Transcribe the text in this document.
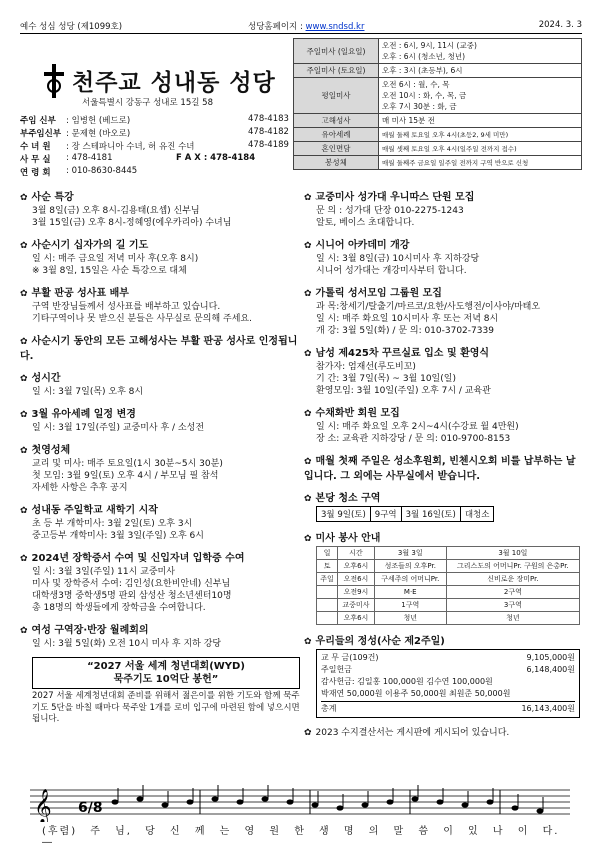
예수 성심 성당 (제1099호)	성당홈페이지 : www.sndsd.kr	2024. 3. 3
천주교 성내동 성당
서울특별시 강동구 성내로 15길 58
주임 신부 : 임병헌 (베드로)	478-4183
부주임신부 : 문제현 (바오로)	478-4182
수 녀 원 : 장 스테파니아 수녀, 허 유진 수녀	478-4189
사 무 실 : 478-4181	F A X : 478-4184
연 령 회 : 010-8630-8445
주일미사 (일요일)	오전 : 6시, 9시, 11시 (교중)
오후 : 6시 (청소년, 청년)

주일미사 (토요일)	오후 : 3시 (초등부), 6시

평일미사	오전 6시 : 월, 수, 목
오전 10시 : 화, 수, 목, 금
오후 7시 30분 : 화, 금

고해성사	매 미사 15분 전

유아세례	매월 둘째 토요일 오후 4시(초등2, 9세 미만)

혼인면담	매월 셋째 토요일 오후 4시(일주일 전까지 접수)

봉성체	매월 둘째주 금요일 일주일 전까지 구역 반으로 신청
✿ 사순 특강

3월 8일(금) 오후 8시-김용태(요셉) 신부님

3월 15일(금) 오후 8시-정혜영(에우카리아) 수녀님

✿ 사순시기 십자가의 길 기도

일 시: 매주 금요일 저녁 미사 후(오후 8시)

※ 3월 8일, 15일은 사순 특강으로 대체

✿ 부활 판공 성사표 배부

구역 반장님들께서 성사표를 배부하고 있습니다.

기타구역이나 못 받으신 분들은 사무실로 문의해 주세요.

✿ 사순시기 동안의 모든 고해성사는 부활 판공 성사로 인정됩니다.
✿ 성시간

일 시: 3월 7일(목) 오후 8시

✿ 3월 유아세례 일정 변경

일 시: 3월 17일(주일) 교중미사 후 / 소성전

✿ 첫영성체

교리 및 미사: 매주 토요일(1시 30분~5시 30분)

첫 모임: 3월 9일(토) 오후 4시 / 부모님 필 참석

자세한 사항은 추후 공지

✿ 성내동 주일학교 새학기 시작

초 등 부 개학미사: 3월 2일(토) 오후 3시

중고등부 개학미사: 3월 3일(주일) 오후 6시

✿ 2024년 장학증서 수여 및 신입자녀 입학증 수여

일 시: 3월 3일(주일) 11시 교중미사

미사 및 장학증서 수여: 김인성(요한비안네) 신부님

대학생3명 중학생5명 판외 삼성산 청소년센터10명

총 18명의 학생들에게 장학금을 수여합니다.

✿ 여성 구역장·반장 월례회의

일 시: 3월 5일(화) 오전 10시 미사 후 지하 강당

“2027 서울 세계 청년대회(WYD)
묵주기도 10억단 봉헌”
2027 서울 세계청년대회 준비를 위해서 젊은이를 위한 기도와 함께 묵주기도 5단을 바칠 때마다 묵주알 1개를 로비 입구에 마련된 함에 넣으시면 됩니다.
✿ 교중미사 성가대 우니따스 단원 모집

문 의 : 성가대 단장 010-2275-1243

알토, 베이스 초대합니다.

✿ 시니어 아카데미 개강

일 시: 3월 8일(금) 10시미사 후 지하강당

시니어 성가대는 개강미사부터 합니다.

✿ 가톨릭 성서모임 그룹원 모집

과 목:창세기/탈출기/마르코/요한/사도행전/이사야/마태오

일 시: 매주 화요일 10시미사 후 또는 저녁 8시

개 강: 3월 5일(화) / 문 의: 010-3702-7339

✿ 남성 제425차 꾸르실료 입소 및 환영식

참가자: 엄재선(루도비꼬)

기 간: 3월 7일(목) ~ 3월 10일(일)

환영모임: 3월 10일(주일) 오후 7시 / 교육관

✿ 수채화반 회원 모집

일 시: 매주 화요일 오후 2시~4시(수강료 월 4만원)

장 소: 교육관 지하강당 / 문 의: 010-9700-8153

✿ 매월 첫째 주일은 성소후원회, 빈첸시오회 비를 납부하는 날입니다. 그 외에는 사무실에서 받습니다.
✿ 본당 청소 구역
3월 9일(토)	9구역	3월 16일(토)	대청소
✿ 미사 봉사 안내
일	시간	3월 3일	3월 10일
토	오후6시	성조들의 오후Pr.	그리스도의 어머니Pr. 구원의 은총Pr.
주일	오전6시	구세주의 어머니Pr.	신비로운 장미Pr.
	오전9시	M·E	2구역
	교중미사	1구역	3구역
	오후6시	청년	청년
✿ 우리들의 정성(사순 제2주일)
교 무 금(109건)	9,105,000원
주일헌금	6,148,400원
감사헌금: 김일홍 100,000원 김수연 100,000원
박재연 50,000원 이용주 50,000원 최원준 50,000원
총계	16,143,400원
✿ 2023 수지결산서는 게시판에 게시되어 있습니다.
𝄞 6/8
(후렴) 주 님, 당 신 께 는 영 원 한 생 명 의 말 씀 이 있 나 이 다. ―
